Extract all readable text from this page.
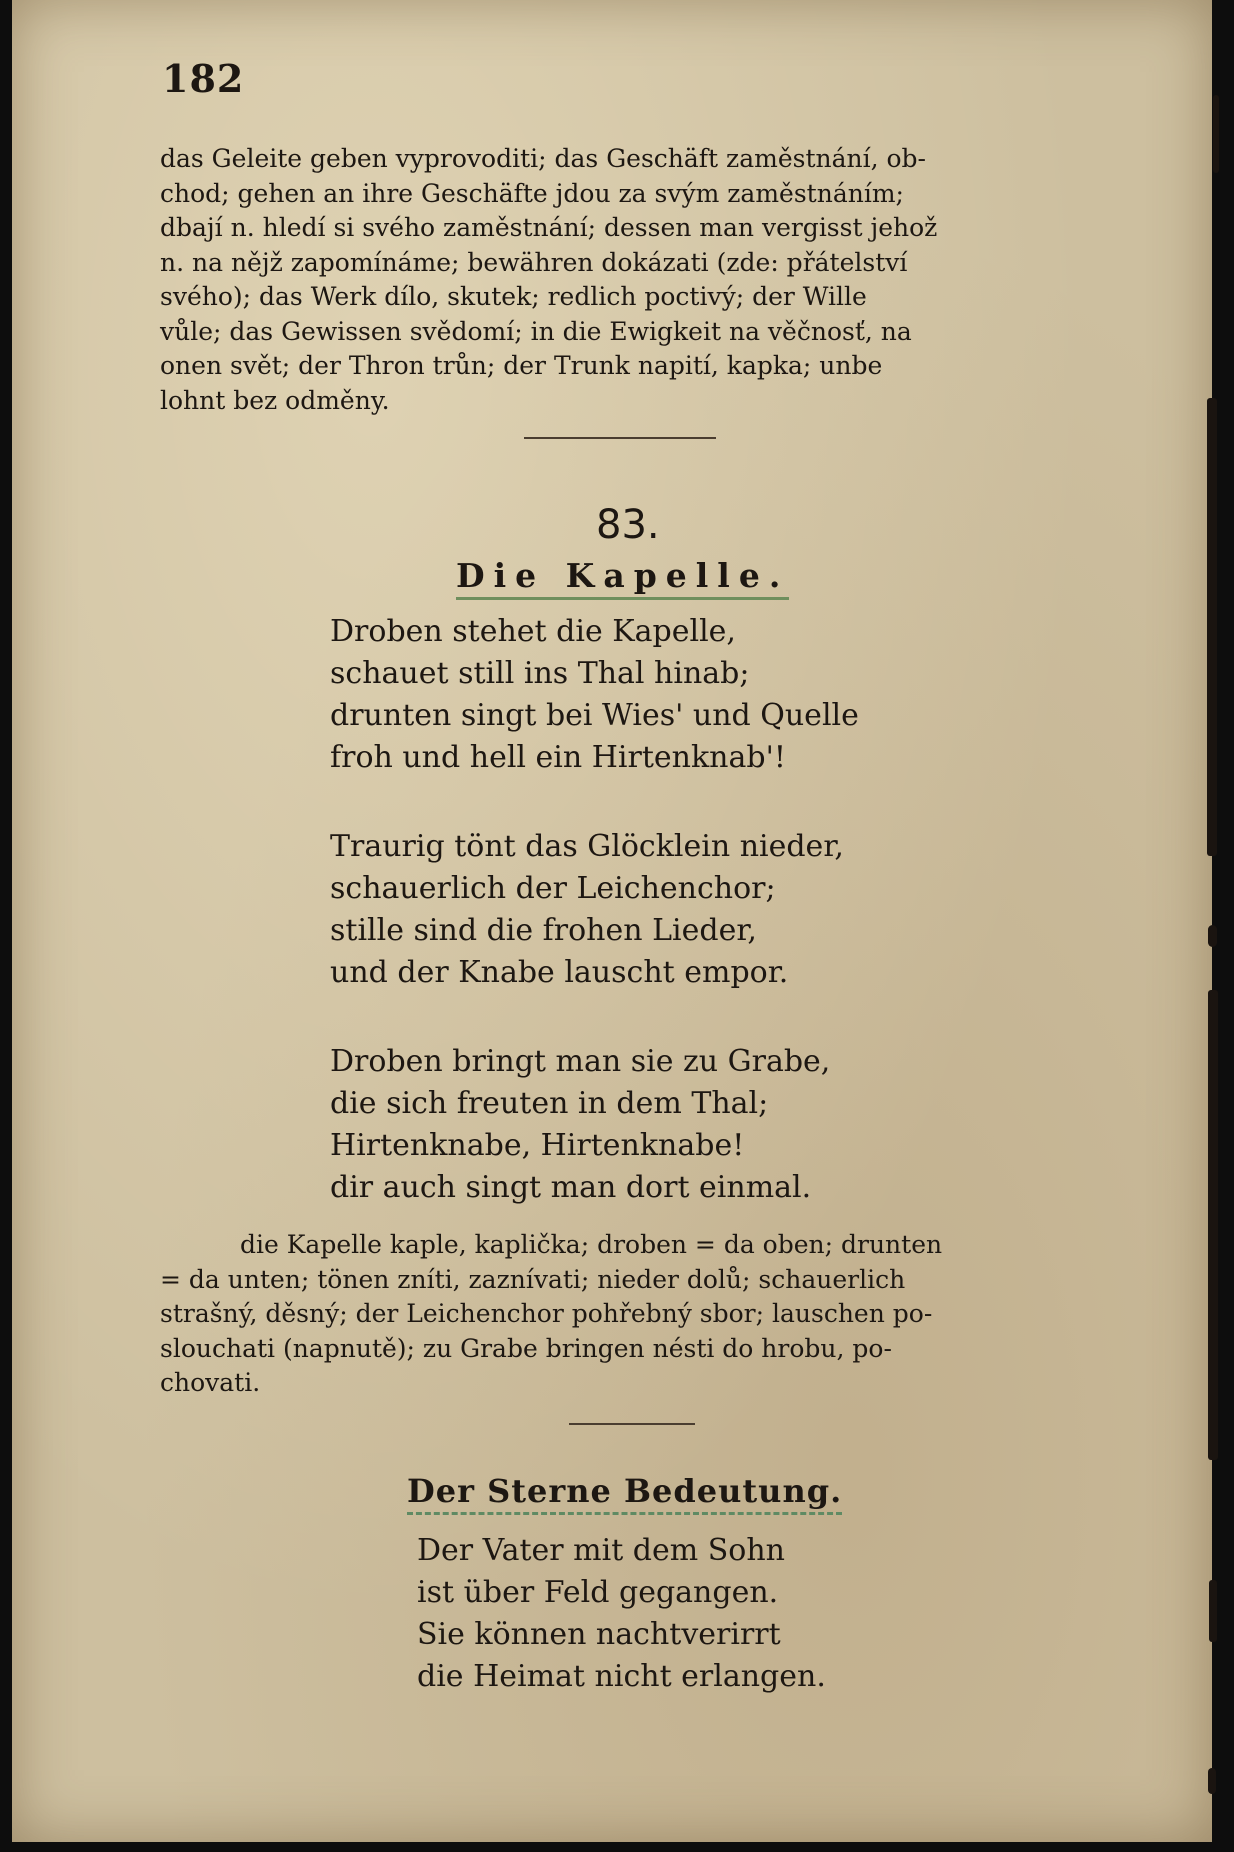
182

das Geleite geben vyprovoditi; das Geschäft zaměstnání, ob-
chod; gehen an ihre Geschäfte jdou za svým zaměstnáním;
dbají n. hledí si svého zaměstnání; dessen man vergisst jehož
n. na nějž zapomínáme; bewähren dokázati (zde: přátelství
svého); das Werk dílo, skutek; redlich poctivý; der Wille
vůle; das Gewissen svědomí; in die Ewigkeit na věčnosť, na
onen svět; der Thron trůn; der Trunk napití, kapka; unbe
lohnt bez odměny.

83.
Die Kapelle.

Droben stehet die Kapelle,
schauet still ins Thal hinab;
drunten singt bei Wies' und Quelle
froh und hell ein Hirtenknab'!

Traurig tönt das Glöcklein nieder,
schauerlich der Leichenchor;
stille sind die frohen Lieder,
und der Knabe lauscht empor.

Droben bringt man sie zu Grabe,
die sich freuten in dem Thal;
Hirtenknabe, Hirtenknabe!
dir auch singt man dort einmal.

die Kapelle kaple, kaplička; droben = da oben; drunten
= da unten; tönen zníti, zaznívati; nieder dolů; schauerlich
strašný, děsný; der Leichenchor pohřebný sbor; lauschen po-
slouchati (napnutě); zu Grabe bringen nésti do hrobu, po-
chovati.

Der Sterne Bedeutung.

Der Vater mit dem Sohn
ist über Feld gegangen.
Sie können nachtverirrt
die Heimat nicht erlangen.
